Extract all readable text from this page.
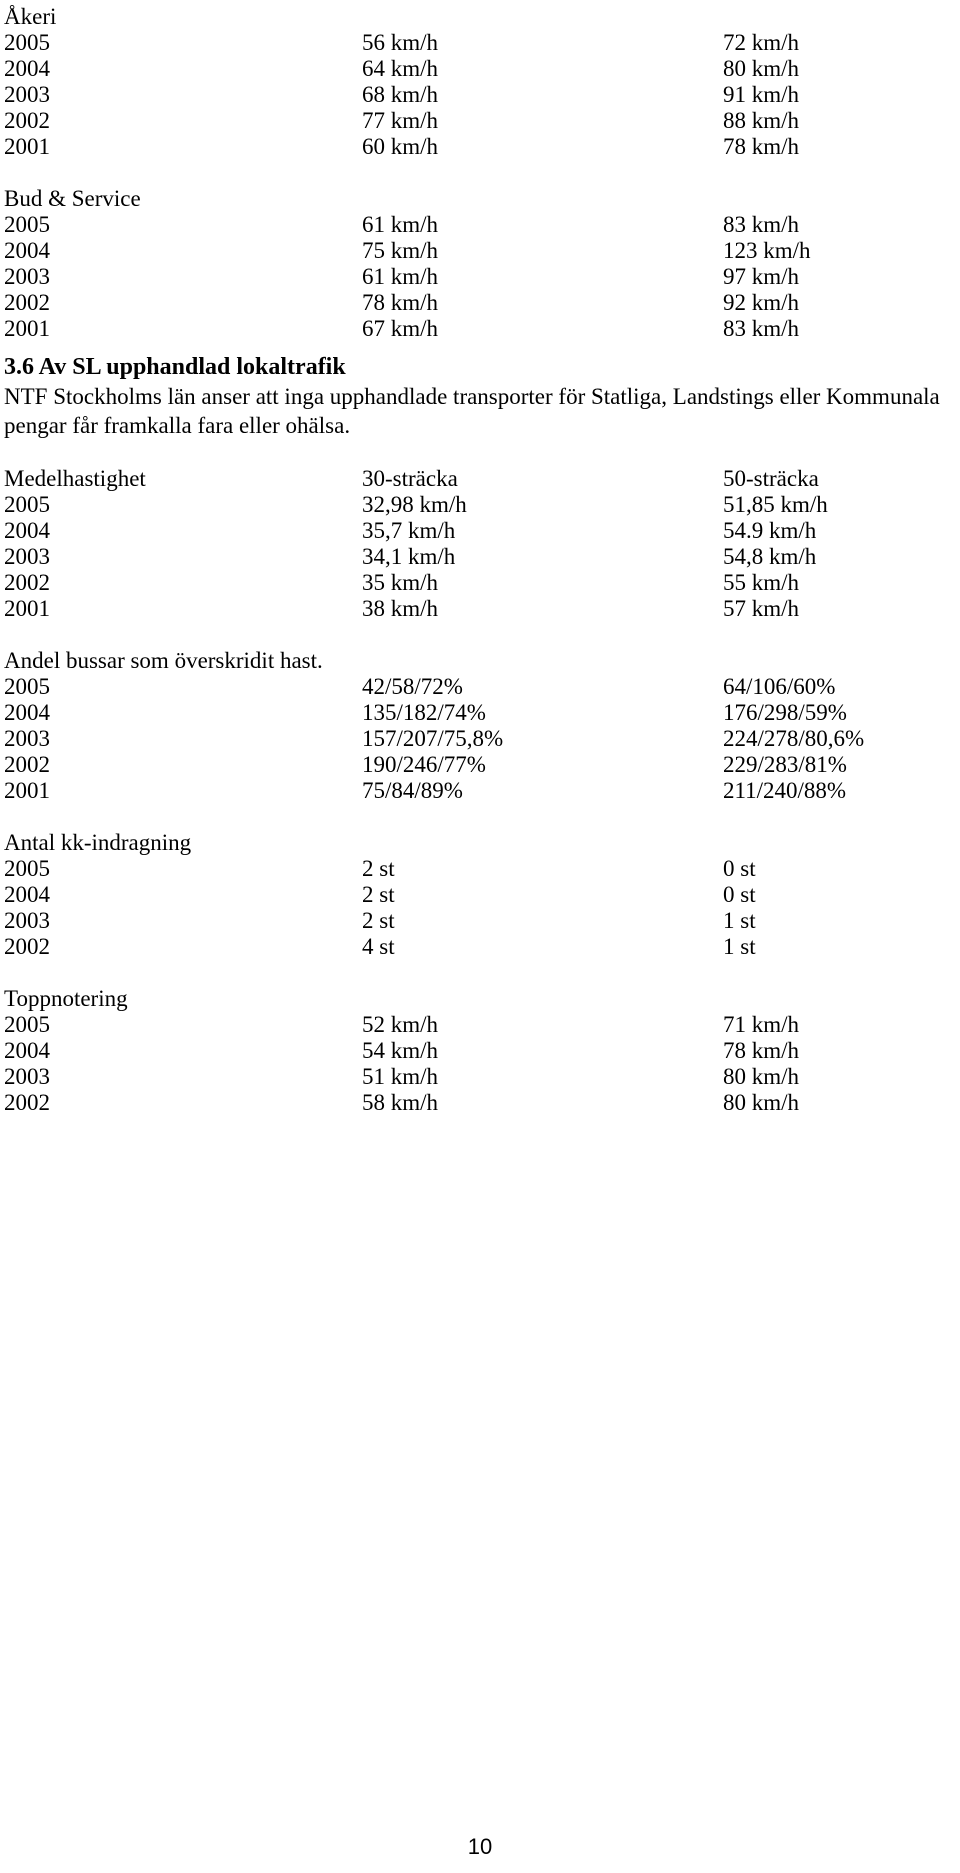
Åkeri
2005	56 km/h	72 km/h
2004	64 km/h	80 km/h
2003	68 km/h	91 km/h
2002	77 km/h	88 km/h
2001	60 km/h	78 km/h
Bud & Service
2005	61 km/h	83 km/h
2004	75 km/h	123 km/h
2003	61 km/h	97 km/h
2002	78 km/h	92 km/h
2001	67 km/h	83 km/h
3.6 Av SL upphandlad lokaltrafik
NTF Stockholms län anser att inga upphandlade transporter för Statliga, Landstings eller Kommunala pengar får framkalla fara eller ohälsa.
Medelhastighet	30-sträcka	50-sträcka
2005	32,98 km/h	51,85 km/h
2004	35,7 km/h	54.9 km/h
2003	34,1 km/h	54,8 km/h
2002	35 km/h	55 km/h
2001	38 km/h	57 km/h
Andel bussar som överskridit hast.
2005	42/58/72%	64/106/60%
2004	135/182/74%	176/298/59%
2003	157/207/75,8%	224/278/80,6%
2002	190/246/77%	229/283/81%
2001	75/84/89%	211/240/88%
Antal kk-indragning
2005	2 st	0 st
2004	2 st	0 st
2003	2 st	1 st
2002	4 st	1 st
Toppnotering
2005	52 km/h	71 km/h
2004	54 km/h	78 km/h
2003	51 km/h	80 km/h
2002	58 km/h	80 km/h
10
